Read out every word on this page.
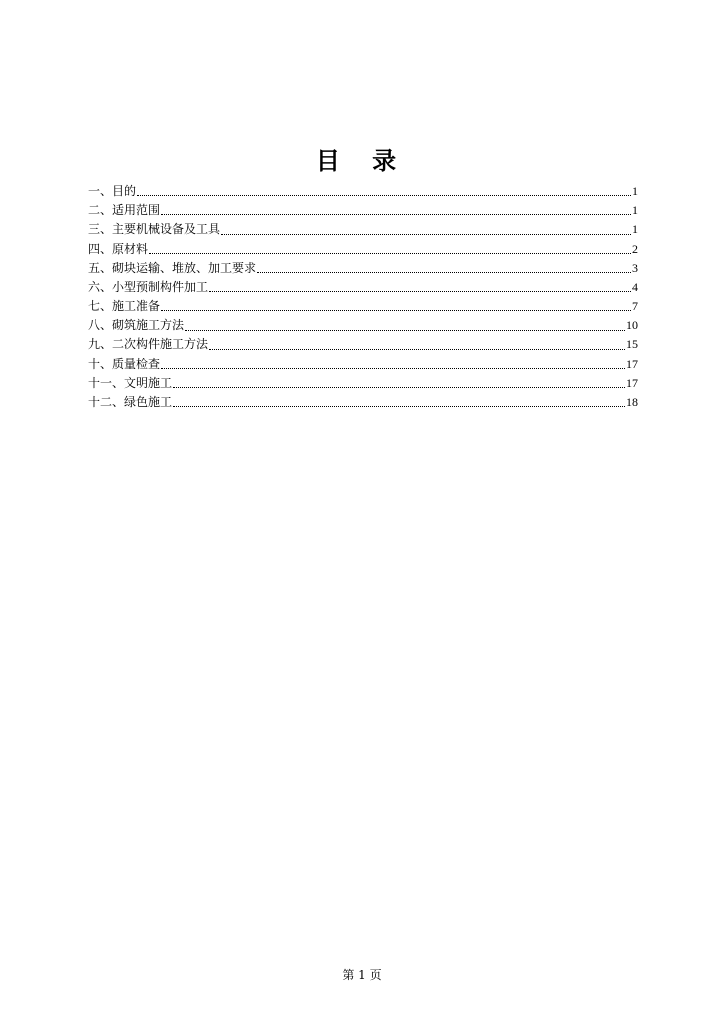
目 录
一、目的	1
二、适用范围	1
三、主要机械设备及工具	1
四、原材料	2
五、砌块运输、堆放、加工要求	3
六、小型预制构件加工	4
七、施工准备	7
八、砌筑施工方法	10
九、二次构件施工方法	15
十、质量检查	17
十一、文明施工	17
十二、绿色施工	18
第 1 页
